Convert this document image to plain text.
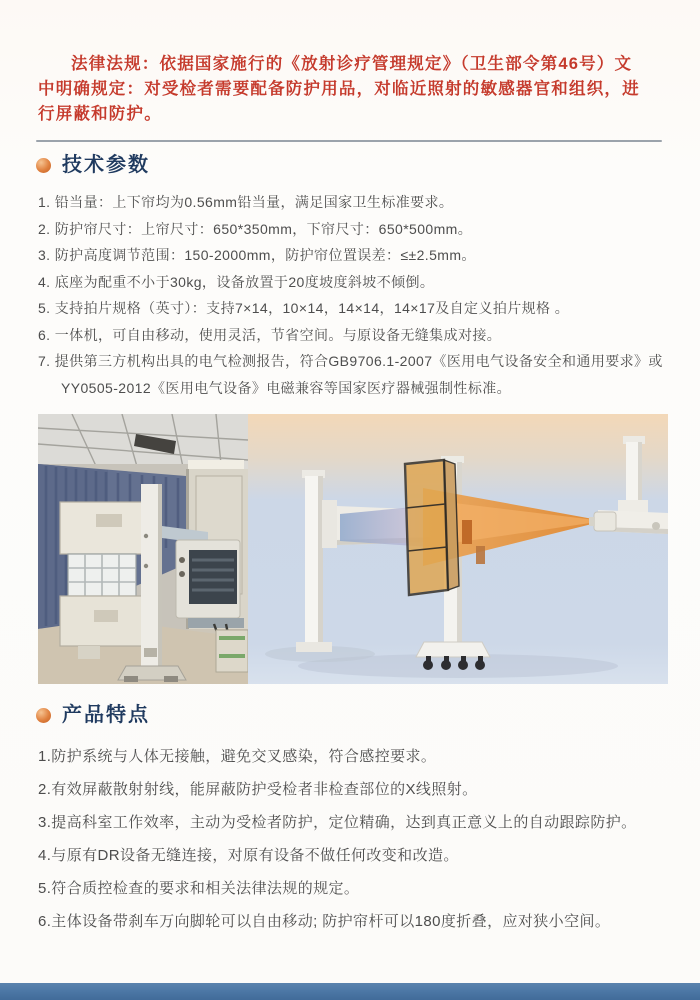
法律法规：依据国家施行的《放射诊疗管理规定》（卫生部令第46号）文中明确规定：对受检者需要配备防护用品，对临近照射的敏感器官和组织，进行屏蔽和防护。

技术参数
1. 铅当量：上下帘均为0.56mm铅当量，满足国家卫生标准要求。
2. 防护帘尺寸：上帘尺寸：650*350mm，下帘尺寸：650*500mm。
3. 防护高度调节范围：150-2000mm，防护帘位置误差：≤±2.5mm。
4. 底座为配重不小于30kg，设备放置于20度坡度斜坡不倾倒。
5. 支持拍片规格（英寸）：支持7×14，10×14，14×14，14×17及自定义拍片规格 。
6. 一体机，可自由移动，使用灵活，节省空间。与原设备无缝集成对接。
7. 提供第三方机构出具的电气检测报告，符合GB9706.1-2007《医用电气设备安全和通用要求》或YY0505-2012《医用电气设备》电磁兼容等国家医疗器械强制性标准。
产品特点
1.防护系统与人体无接触，避免交叉感染，符合感控要求。
2.有效屏蔽散射射线，能屏蔽防护受检者非检查部位的X线照射。
3.提高科室工作效率，主动为受检者防护，定位精确，达到真正意义上的自动跟踪防护。
4.与原有DR设备无缝连接，对原有设备不做任何改变和改造。
5.符合质控检查的要求和相关法律法规的规定。
6.主体设备带刹车万向脚轮可以自由移动; 防护帘杆可以180度折叠，应对狭小空间。
